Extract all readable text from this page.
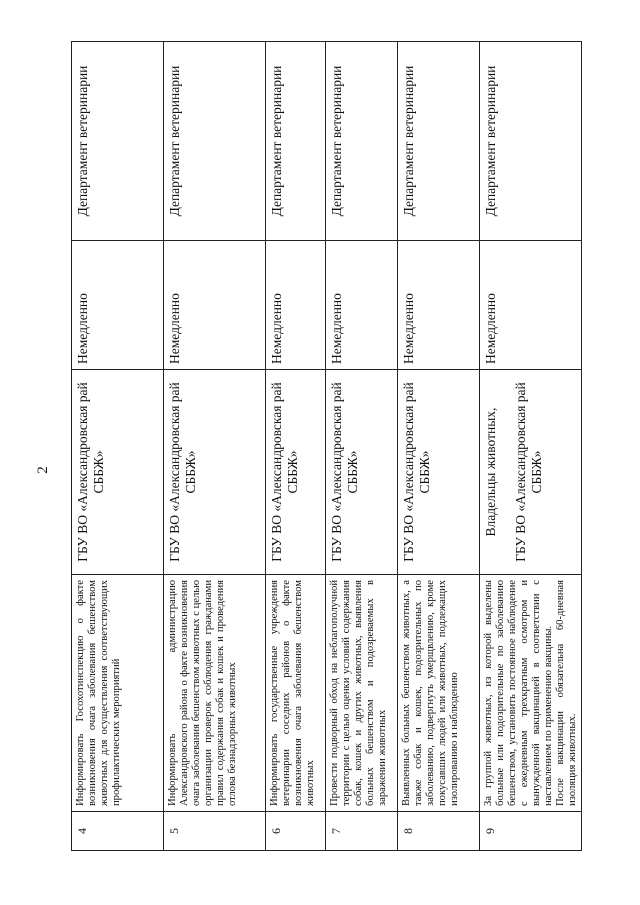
2
4	Информировать Госохотинспекцию о факте возникновения очага заболевания бешенством животных для осуществления соответствующих профилактических мероприятий	ГБУ ВО «Александровская рай СББЖ»	Немедленно	Департамент ветеринарии
5	Информировать администрацию Александровского района о факте возникновения очага заболевания бешенством животных с целью организации проверок соблюдения гражданами правил содержания собак и кошек и проведения отлова безнадзорных животных	ГБУ ВО «Александровская рай СББЖ»	Немедленно	Департамент ветеринарии
6	Информировать государственные учреждения ветеринарии соседних районов о факте возникновения очага заболевания бешенством животных	ГБУ ВО «Александровская рай СББЖ»	Немедленно	Департамент ветеринарии
7	Провести подворный обход на неблагополучной территории с целью оценки условий содержания собак, кошек и других животных, выявления больных бешенством и подозреваемых в заражении животных	ГБУ ВО «Александровская рай СББЖ»	Немедленно	Департамент ветеринарии
8	Выявленных больных бешенством животных, а также собак и кошек, подозрительных по заболеванию, подвергнуть умерщвлению, кроме покусавших людей или животных, подлежащих изолированию и наблюдению	ГБУ ВО «Александровская рай СББЖ»	Немедленно	Департамент ветеринарии
9	За группой животных, из которой выделены больные или подозрительные по заболеванию бешенством, установить постоянное наблюдение с ежедневным трехкратным осмотром и вынужденной вакцинацией в соответствии с наставлением по применению вакцины. После вакцинации обязательна 60-дневная изоляция животных.	Владельцы животных, ГБУ ВО «Александровская рай СББЖ»	Немедленно	Департамент ветеринарии
